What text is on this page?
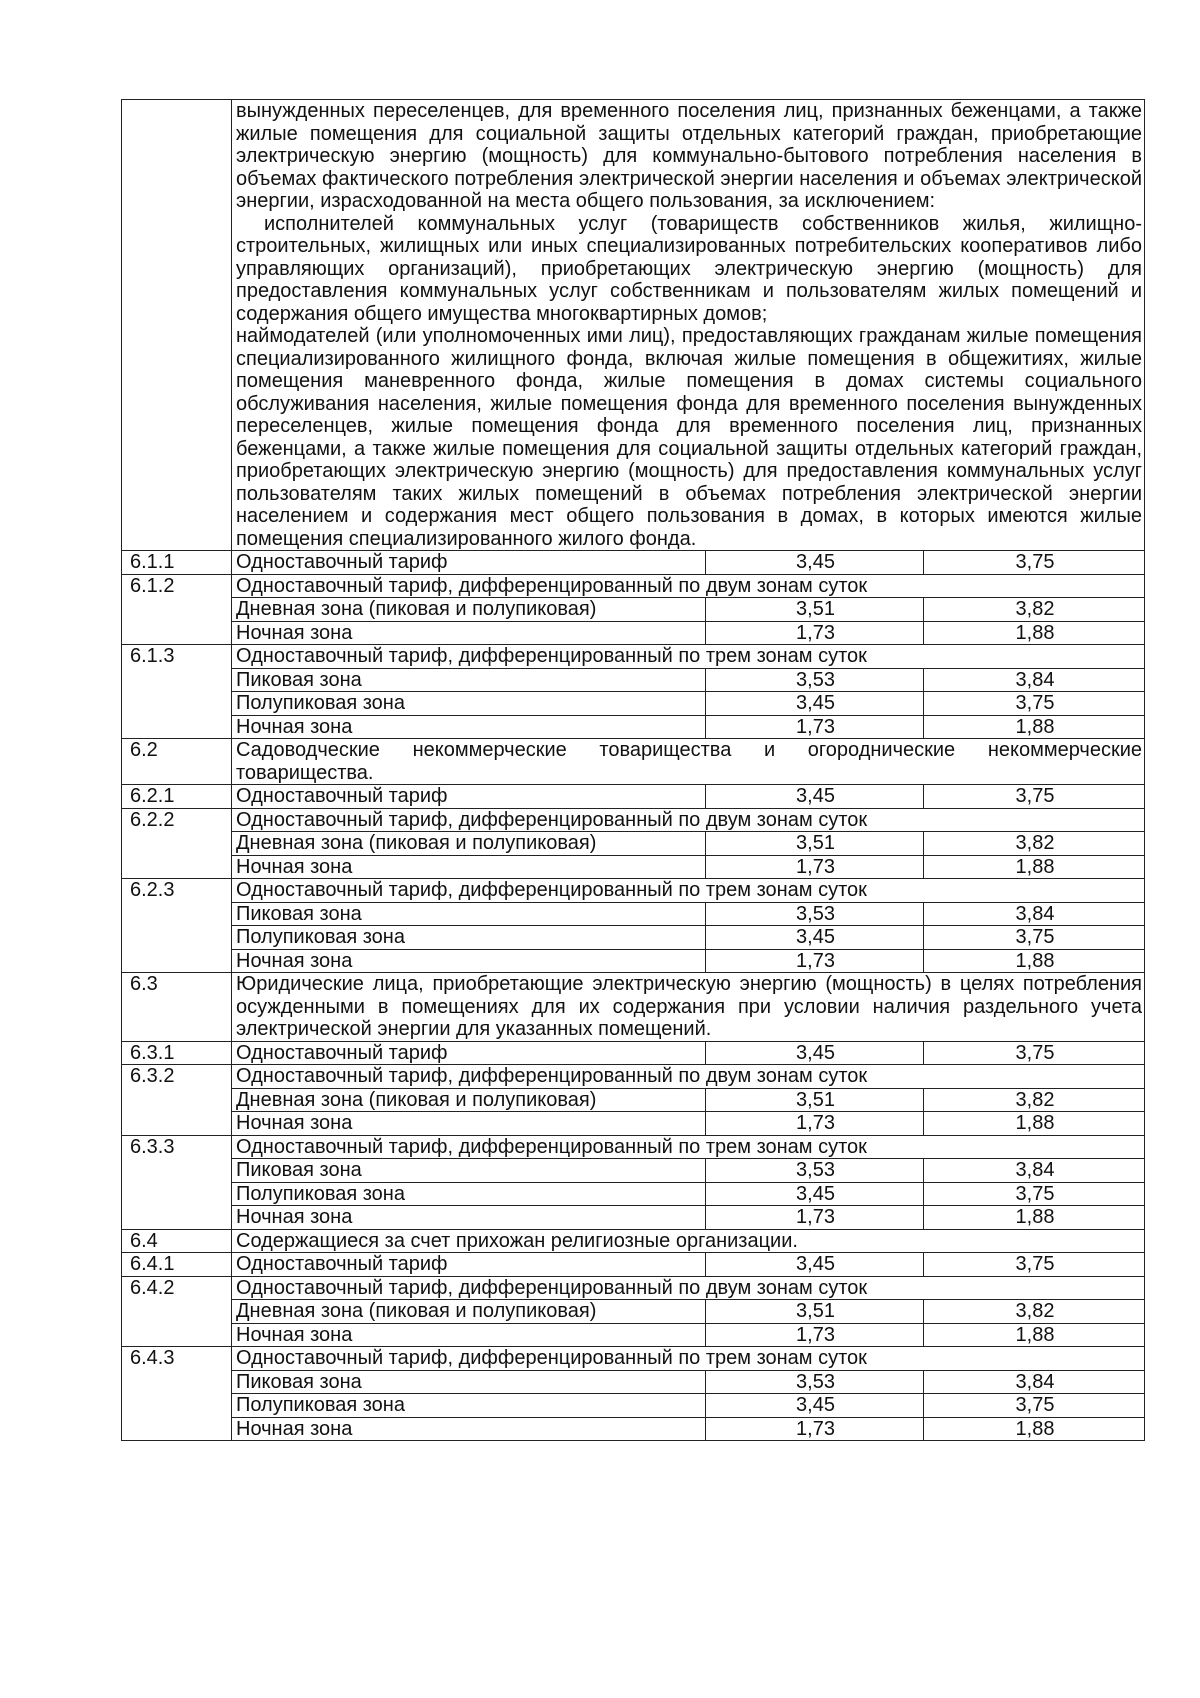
	вынужденных переселенцев, для временного поселения лиц, признанных беженцами, а также жилые помещения для социальной защиты отдельных категорий граждан, приобретающие электрическую энергию (мощность) для коммунально-бытового потребления населения в объемах фактического потребления электрической энергии населения и объемах электрической энергии, израсходованной на места общего пользования, за исключением:

исполнителей коммунальных услуг (товариществ собственников жилья, жилищно-строительных, жилищных или иных специализированных потребительских кооперативов либо управляющих организаций), приобретающих электрическую энергию (мощность) для предоставления коммунальных услуг собственникам и пользователям жилых помещений и содержания общего имущества многоквартирных домов;

наймодателей (или уполномоченных ими лиц), предоставляющих гражданам жилые помещения специализированного жилищного фонда, включая жилые помещения в общежитиях, жилые помещения маневренного фонда, жилые помещения в домах системы социального обслуживания населения, жилые помещения фонда для временного поселения вынужденных переселенцев, жилые помещения фонда для временного поселения лиц, признанных беженцами, а также жилые помещения для социальной защиты отдельных категорий граждан, приобретающих электрическую энергию (мощность) для предоставления коммунальных услуг пользователям таких жилых помещений в объемах потребления электрической энергии населением и содержания мест общего пользования в домах, в которых имеются жилые помещения специализированного жилого фонда.		

6.1.1	Одноставочный тариф	3,45	3,75
6.1.2	Одноставочный тариф, дифференцированный по двум зонам суток		
	Дневная зона (пиковая и полупиковая)	3,51	3,82
	Ночная зона	1,73	1,88
6.1.3	Одноставочный тариф, дифференцированный по трем зонам суток		
	Пиковая зона	3,53	3,84
	Полупиковая зона	3,45	3,75
	Ночная зона	1,73	1,88
6.2	Садоводческие некоммерческие товарищества и огороднические некоммерческие товарищества.		
6.2.1	Одноставочный тариф	3,45	3,75
6.2.2	Одноставочный тариф, дифференцированный по двум зонам суток		
	Дневная зона (пиковая и полупиковая)	3,51	3,82
	Ночная зона	1,73	1,88
6.2.3	Одноставочный тариф, дифференцированный по трем зонам суток		
	Пиковая зона	3,53	3,84
	Полупиковая зона	3,45	3,75
	Ночная зона	1,73	1,88
6.3	Юридические лица, приобретающие электрическую энергию (мощность) в целях потребления осужденными в помещениях для их содержания при условии наличия раздельного учета электрической энергии для указанных помещений.		
6.3.1	Одноставочный тариф	3,45	3,75
6.3.2	Одноставочный тариф, дифференцированный по двум зонам суток		
	Дневная зона (пиковая и полупиковая)	3,51	3,82
	Ночная зона	1,73	1,88
6.3.3	Одноставочный тариф, дифференцированный по трем зонам суток		
	Пиковая зона	3,53	3,84
	Полупиковая зона	3,45	3,75
	Ночная зона	1,73	1,88
6.4	Содержащиеся за счет прихожан религиозные организации.		
6.4.1	Одноставочный тариф	3,45	3,75
6.4.2	Одноставочный тариф, дифференцированный по двум зонам суток		
	Дневная зона (пиковая и полупиковая)	3,51	3,82
	Ночная зона	1,73	1,88
6.4.3	Одноставочный тариф, дифференцированный по трем зонам суток		
	Пиковая зона	3,53	3,84
	Полупиковая зона	3,45	3,75
	Ночная зона	1,73	1,88
